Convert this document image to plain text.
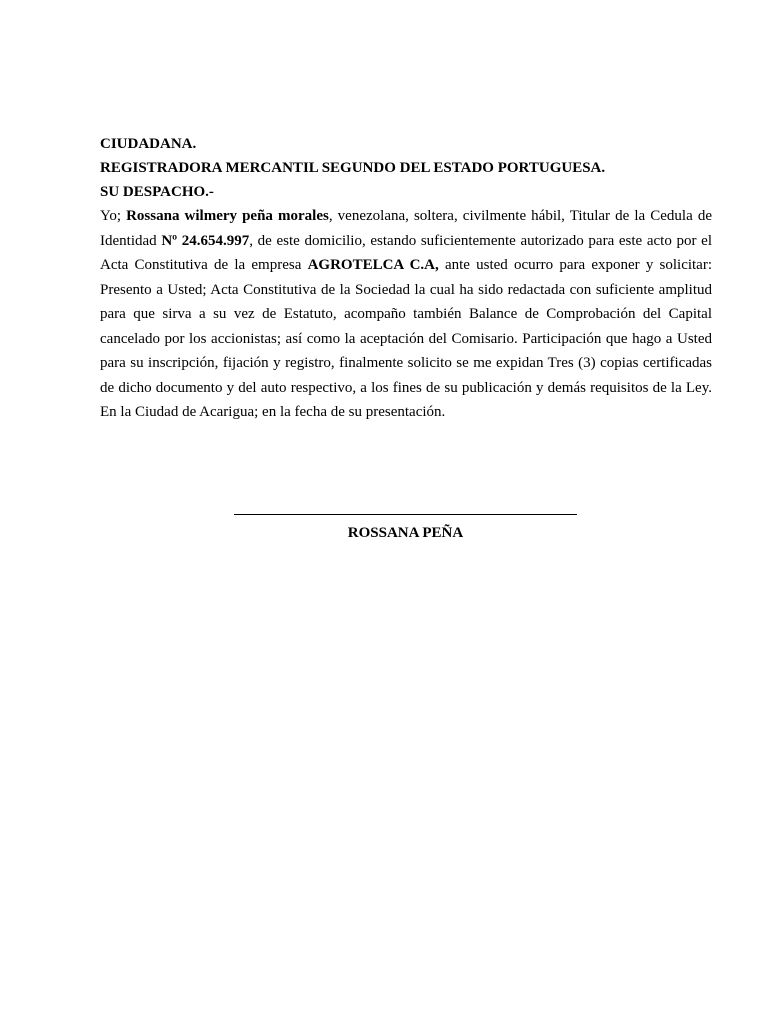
CIUDADANA.
REGISTRADORA MERCANTIL SEGUNDO DEL ESTADO PORTUGUESA.
SU DESPACHO.-
Yo; Rossana wilmery peña morales, venezolana, soltera, civilmente hábil, Titular de la Cedula de Identidad Nº 24.654.997, de este domicilio, estando suficientemente autorizado para este acto por el Acta Constitutiva de la empresa AGROTELCA C.A, ante usted ocurro para exponer y solicitar: Presento a Usted; Acta Constitutiva de la Sociedad la cual ha sido redactada con suficiente amplitud para que sirva a su vez de Estatuto, acompaño también Balance de Comprobación del Capital cancelado por los accionistas; así como la aceptación del Comisario. Participación que hago a Usted para su inscripción, fijación y registro, finalmente solicito se me expidan Tres (3) copias certificadas de dicho documento y del auto respectivo, a los fines de su publicación y demás requisitos de la Ley. En la Ciudad de Acarigua; en la fecha de su presentación.
ROSSANA PEÑA
